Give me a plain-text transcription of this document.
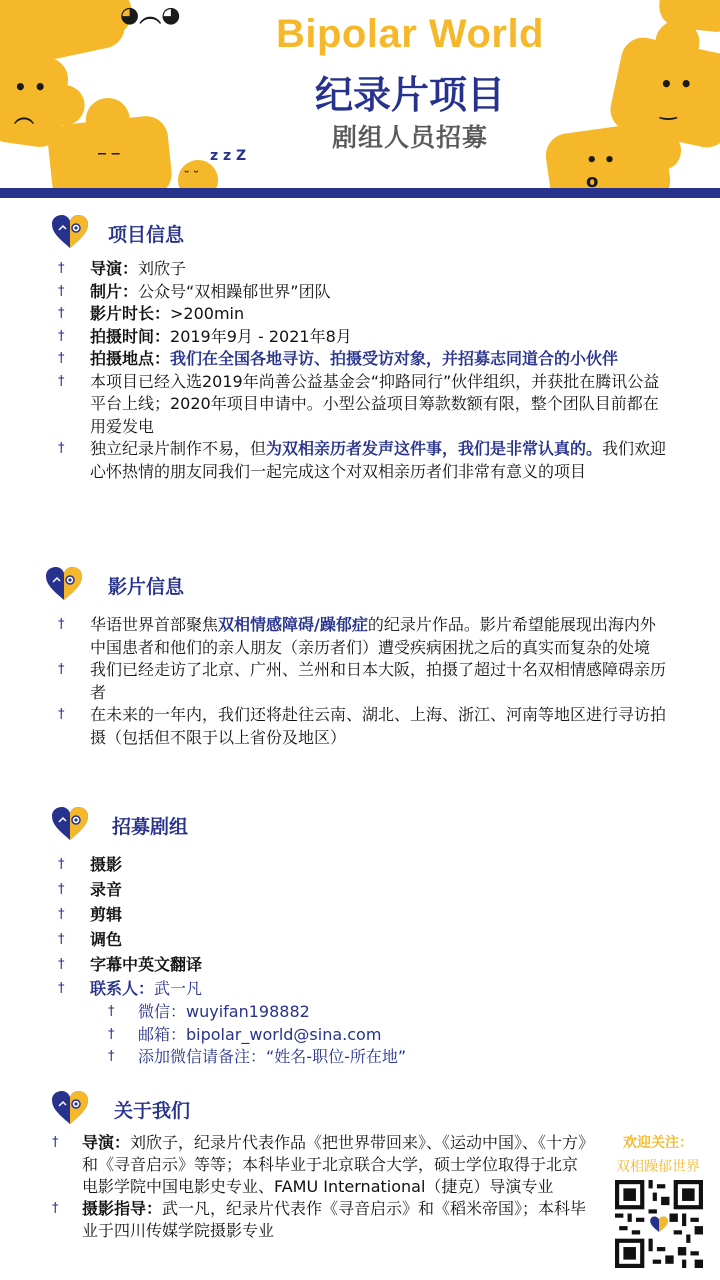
◕︵◕
• •
︵
‾ ‾
ᵕ ᵕ
z z Z
• •
‿
• •
o
Bipolar World
纪录片项目
剧组人员招募
项目信息
† 导演：刘欣子
† 制片：公众号“双相躁郁世界”团队
† 影片时长：>200min
† 拍摄时间：2019年9月 - 2021年8月
† 拍摄地点：我们在全国各地寻访、拍摄受访对象，并招募志同道合的小伙伴
† 本项目已经入选2019年尚善公益基金会“抑路同行”伙伴组织，并获批在腾讯公益平台上线；2020年项目申请中。小型公益项目筹款数额有限，整个团队目前都在用爱发电
† 独立纪录片制作不易，但为双相亲历者发声这件事，我们是非常认真的。我们欢迎心怀热情的朋友同我们一起完成这个对双相亲历者们非常有意义的项目
影片信息
† 华语世界首部聚焦双相情感障碍/躁郁症的纪录片作品。影片希望能展现出海内外中国患者和他们的亲人朋友（亲历者们）遭受疾病困扰之后的真实而复杂的处境
† 我们已经走访了北京、广州、兰州和日本大阪，拍摄了超过十名双相情感障碍亲历者
† 在未来的一年内，我们还将赴往云南、湖北、上海、浙江、河南等地区进行寻访拍摄（包括但不限于以上省份及地区）
招募剧组
† 摄影
† 录音
† 剪辑
† 调色
† 字幕中英文翻译
† 联系人：武一凡
† 微信：wuyifan198882
† 邮箱：bipolar_world@sina.com
† 添加微信请备注：“姓名-职位-所在地”
关于我们
† 导演：刘欣子，纪录片代表作品《把世界带回来》、《运动中国》、《十方》和《寻音启示》等等；本科毕业于北京联合大学，硕士学位取得于北京电影学院中国电影史专业、FAMU International（捷克）导演专业
† 摄影指导：武一凡，纪录片代表作《寻音启示》和《稻米帝国》；本科毕业于四川传媒学院摄影专业
欢迎关注：
双相躁郁世界
